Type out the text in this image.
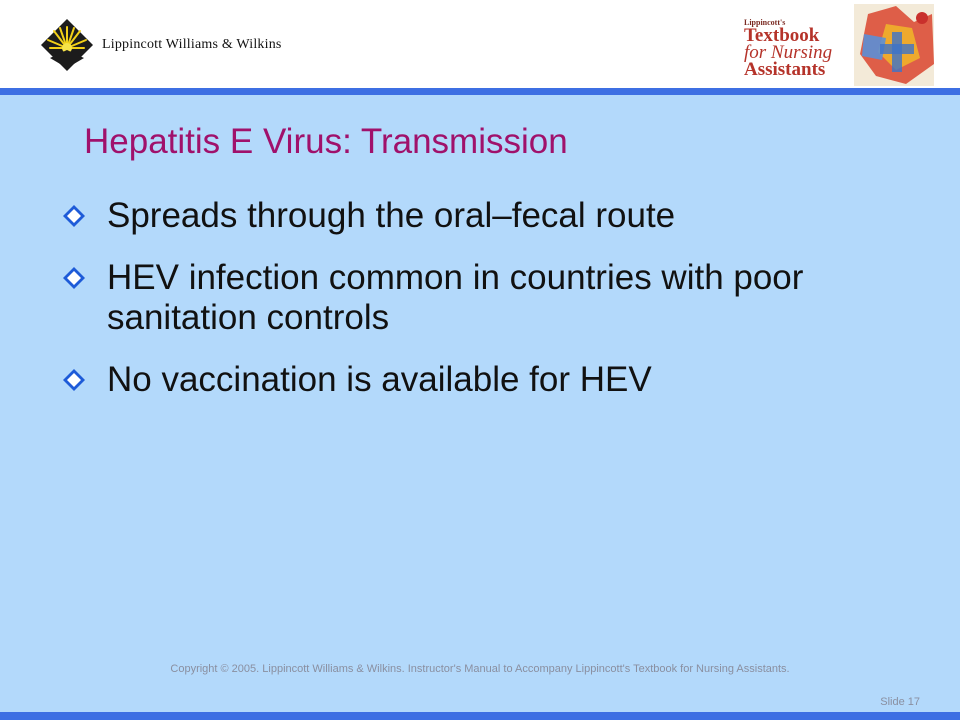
Lippincott Williams & Wilkins
Lippincott's
Textbook
for Nursing
Assistants
Hepatitis E Virus: Transmission
Spreads through the oral–fecal route
HEV infection common in countries with poor sanitation controls
No vaccination is available for HEV
Copyright © 2005. Lippincott Williams & Wilkins. Instructor's Manual to Accompany Lippincott's Textbook for Nursing Assistants.
Slide 17
